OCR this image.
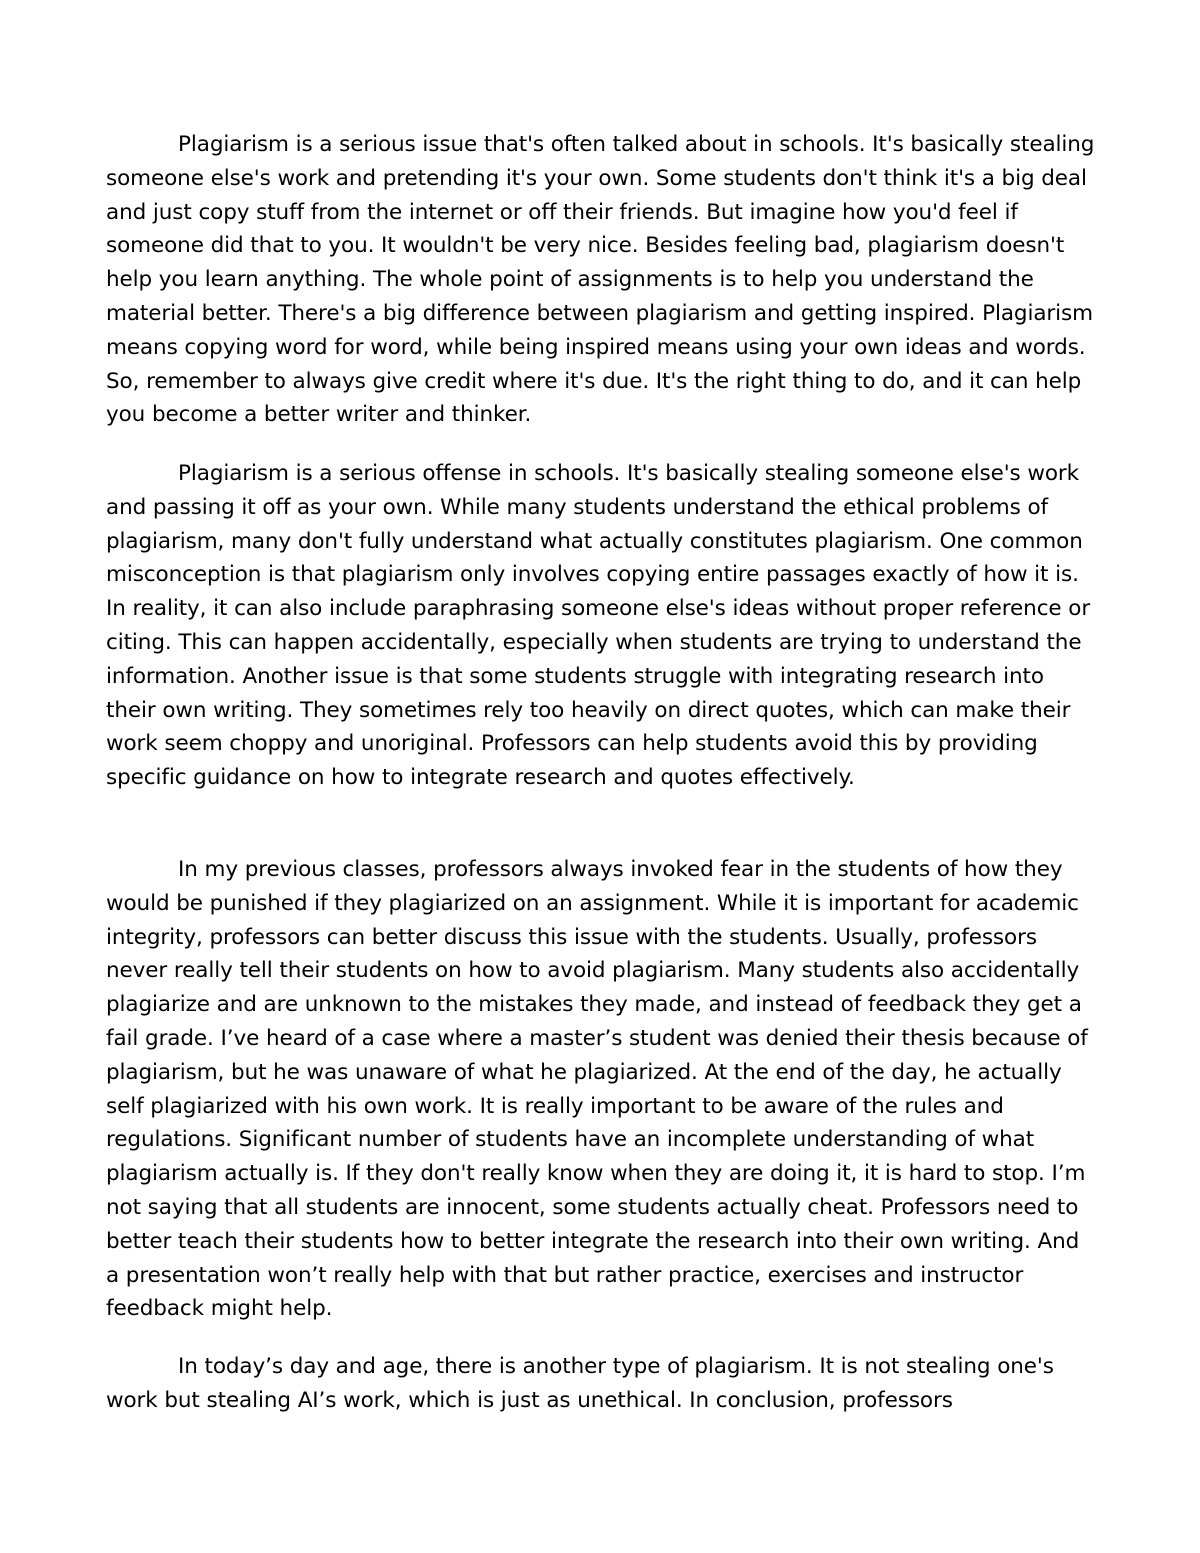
Plagiarism is a serious issue that's often talked about in schools. It's basically stealing someone else's work and pretending it's your own. Some students don't think it's a big deal and just copy stuff from the internet or off their friends. But imagine how you'd feel if someone did that to you. It wouldn't be very nice. Besides feeling bad, plagiarism doesn't help you learn anything. The whole point of assignments is to help you understand the material better. There's a big difference between plagiarism and getting inspired. Plagiarism means copying word for word, while being inspired means using your own ideas and words. So, remember to always give credit where it's due. It's the right thing to do, and it can help you become a better writer and thinker.

Plagiarism is a serious offense in schools. It's basically stealing someone else's work and passing it off as your own. While many students understand the ethical problems of plagiarism, many don't fully understand what actually constitutes plagiarism. One common misconception is that plagiarism only involves copying entire passages exactly of how it is. In reality, it can also include paraphrasing someone else's ideas without proper reference or citing. This can happen accidentally, especially when students are trying to understand the information. Another issue is that some students struggle with integrating research into their own writing. They sometimes rely too heavily on direct quotes, which can make their work seem choppy and unoriginal. Professors can help students avoid this by providing specific guidance on how to integrate research and quotes effectively.

In my previous classes, professors always invoked fear in the students of how they would be punished if they plagiarized on an assignment. While it is important for academic integrity, professors can better discuss this issue with the students. Usually, professors never really tell their students on how to avoid plagiarism. Many students also accidentally plagiarize and are unknown to the mistakes they made, and instead of feedback they get a fail grade. I’ve heard of a case where a master’s student was denied their thesis because of plagiarism, but he was unaware of what he plagiarized. At the end of the day, he actually self plagiarized with his own work. It is really important to be aware of the rules and regulations. Significant number of students have an incomplete understanding of what plagiarism actually is. If they don't really know when they are doing it, it is hard to stop. I’m not saying that all students are innocent, some students actually cheat. Professors need to better teach their students how to better integrate the research into their own writing. And a presentation won’t really help with that but rather practice, exercises and instructor feedback might help.

In today’s day and age, there is another type of plagiarism. It is not stealing one's work but stealing AI’s work, which is just as unethical. In conclusion, professors
